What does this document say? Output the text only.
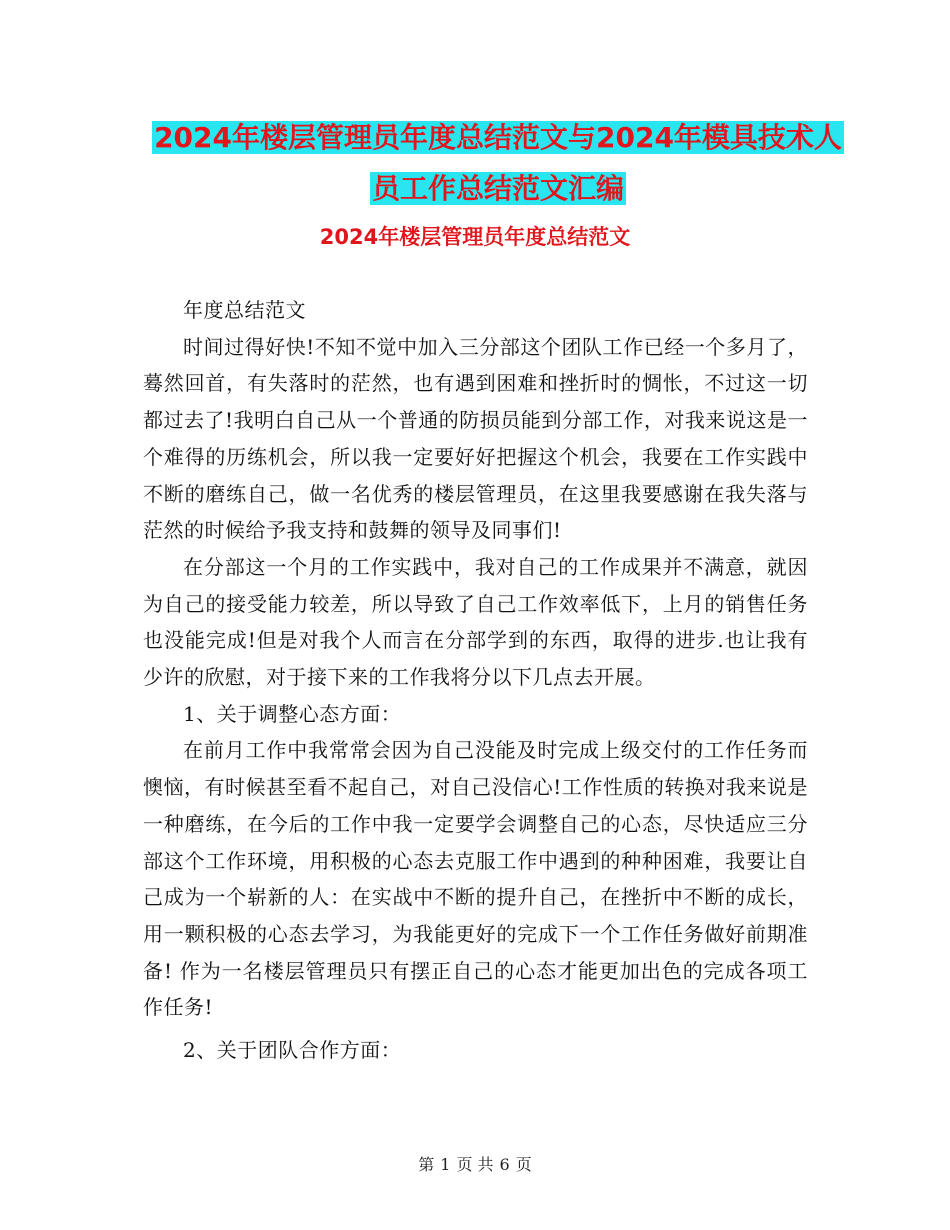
2024年楼层管理员年度总结范文与2024年模具技术人
员工作总结范文汇编
2024年楼层管理员年度总结范文

年度总结范文

时间过得好快!不知不觉中加入三分部这个团队工作已经一个多月了，蓦然回首，有失落时的茫然，也有遇到困难和挫折时的惆怅，不过这一切都过去了!我明白自己从一个普通的防损员能到分部工作，对我来说这是一个难得的历练机会，所以我一定要好好把握这个机会，我要在工作实践中不断的磨练自己，做一名优秀的楼层管理员，在这里我要感谢在我失落与茫然的时候给予我支持和鼓舞的领导及同事们!

在分部这一个月的工作实践中，我对自己的工作成果并不满意，就因为自己的接受能力较差，所以导致了自己工作效率低下，上月的销售任务也没能完成!但是对我个人而言在分部学到的东西，取得的进步.也让我有少许的欣慰，对于接下来的工作我将分以下几点去开展。

1、关于调整心态方面：

在前月工作中我常常会因为自己没能及时完成上级交付的工作任务而懊恼，有时候甚至看不起自己，对自己没信心!工作性质的转换对我来说是一种磨练，在今后的工作中我一定要学会调整自己的心态，尽快适应三分部这个工作环境，用积极的心态去克服工作中遇到的种种困难，我要让自己成为一个崭新的人：在实战中不断的提升自己，在挫折中不断的成长，用一颗积极的心态去学习，为我能更好的完成下一个工作任务做好前期准备! 作为一名楼层管理员只有摆正自己的心态才能更加出色的完成各项工作任务!

2、关于团队合作方面：

第 1 页 共 6 页
